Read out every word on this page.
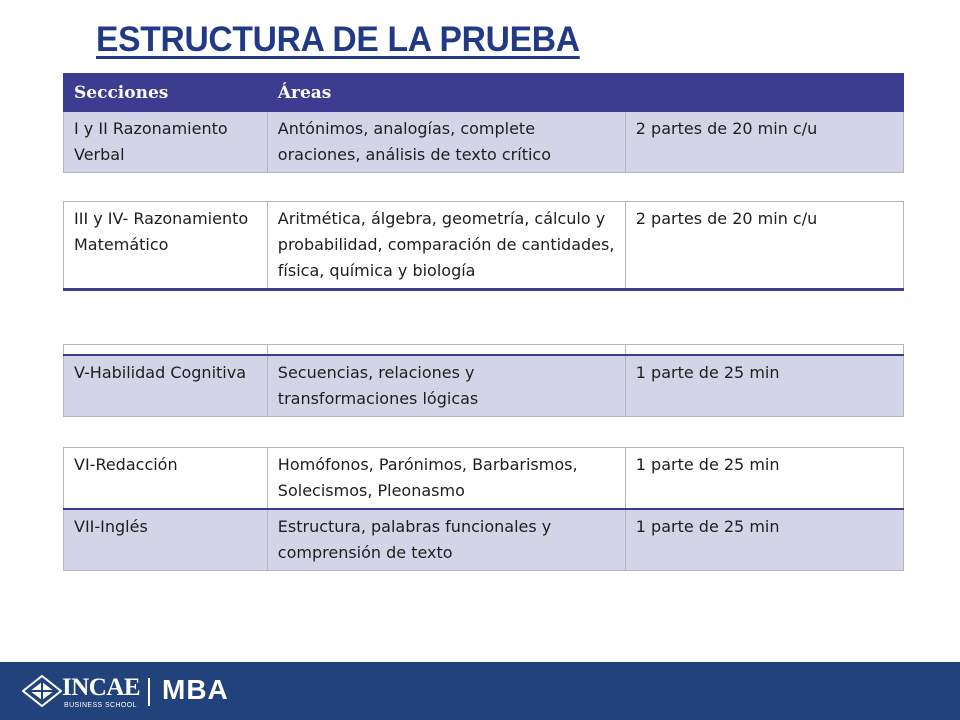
ESTRUCTURA DE LA PRUEBA
Secciones	Áreas	
I y II Razonamiento Verbal	Antónimos, analogías, complete oraciones, análisis de texto crítico	2 partes de 20 min c/u
III y IV- Razonamiento Matemático	Aritmética, álgebra, geometría, cálculo y probabilidad, comparación de cantidades, física, química y biología	2 partes de 20 min c/u

V-Habilidad Cognitiva	Secuencias, relaciones y transformaciones lógicas	1 parte de 25 min
VI-Redacción	Homófonos, Parónimos, Barbarismos, Solecismos, Pleonasmo	1 parte de 25 min
VII-Inglés	Estructura, palabras funcionales y comprensión de texto	1 parte de 25 min
INCAE
BUSINESS SCHOOL
MBA
